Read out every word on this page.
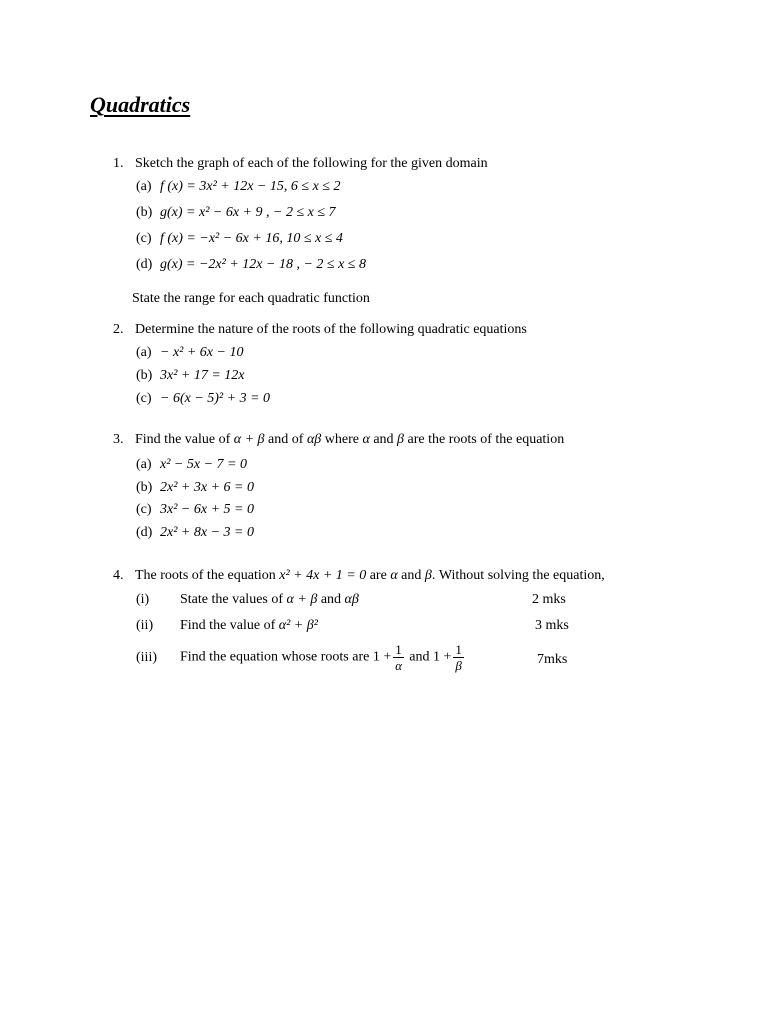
Quadratics
1. Sketch the graph of each of the following for the given domain
(a) f (x) = 3x² + 12x − 15, 6 ≤ x ≤ 2
(b) g(x) = x² − 6x + 9 , − 2 ≤ x ≤ 7
(c) f (x) = −x² − 6x + 16, 10 ≤ x ≤ 4
(d) g(x) = −2x² + 12x − 18 , − 2 ≤ x ≤ 8
State the range for each quadratic function
2. Determine the nature of the roots of the following quadratic equations
(a) − x² + 6x − 10
(b) 3x² + 17 = 12x
(c) − 6(x − 5)² + 3 = 0
3. Find the value of α + β and of αβ where α and β are the roots of the equation
(a) x² − 5x − 7 = 0
(b) 2x² + 3x + 6 = 0
(c) 3x² − 6x + 5 = 0
(d) 2x² + 8x − 3 = 0
4. The roots of the equation x² + 4x + 1 = 0 are α and β. Without solving the equation,
(i) State the values of α + β and αβ	2 mks
(ii) Find the value of α² + β²	3 mks
(iii) Find the equation whose roots are $1 + \frac{1}{\alpha}$ and $1 + \frac{1}{\beta}$	7mks
